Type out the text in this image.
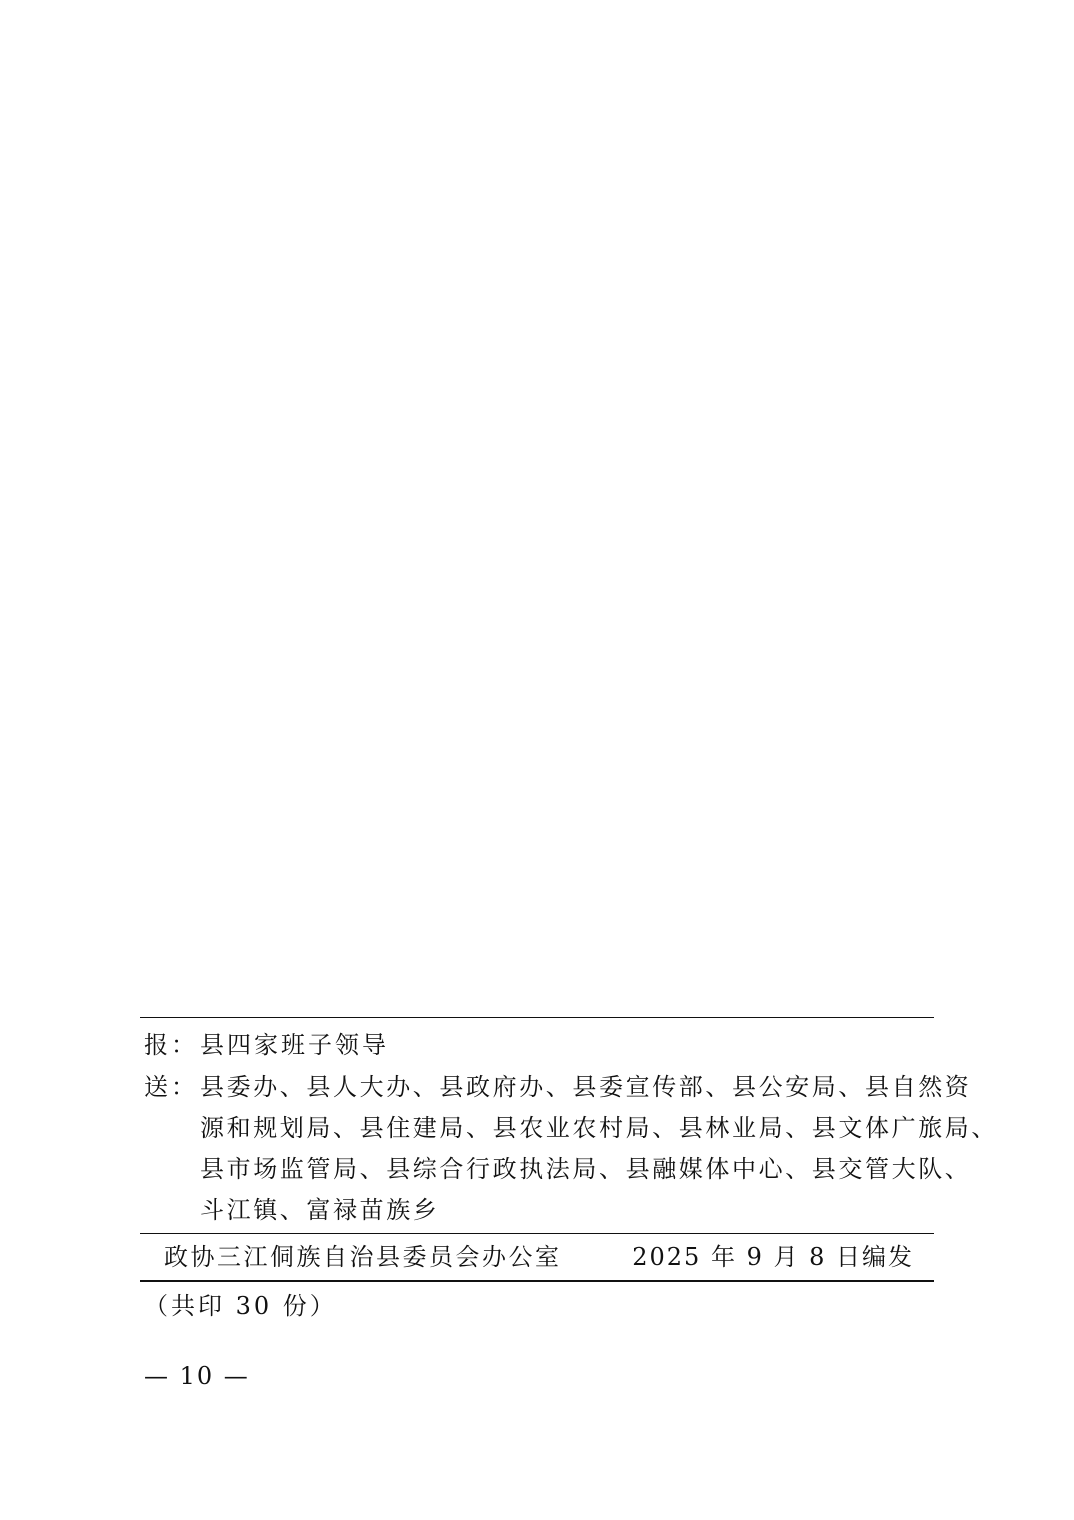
报：县四家班子领导
送： 县委办、县人大办、县政府办、县委宣传部、县公安局、县自然资
源和规划局、县住建局、县农业农村局、县林业局、县文体广旅局、
县市场监管局、县综合行政执法局、县融媒体中心、县交管大队、
斗江镇、富禄苗族乡
政协三江侗族自治县委员会办公室	2025 年 9 月 8 日编发
（共印 30 份）
— 10 —
